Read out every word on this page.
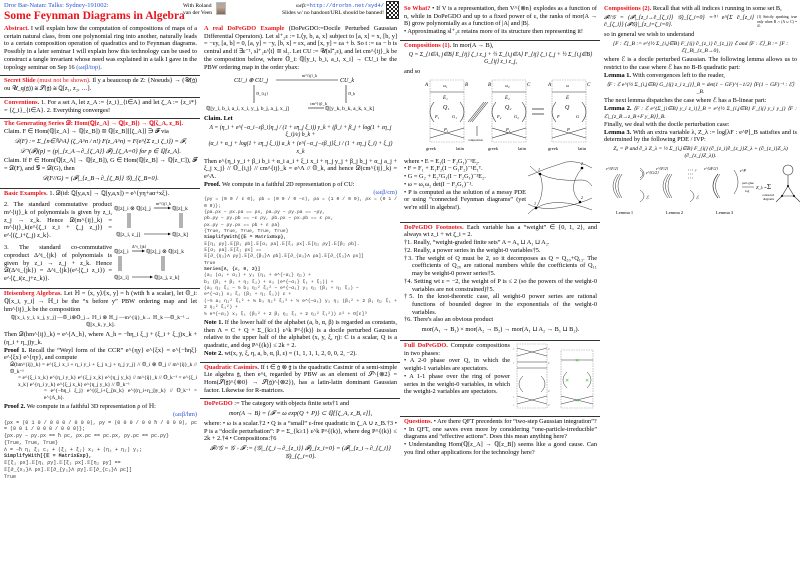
Dror Bar-Natan: Talks: Sydney-191002:
Some Feynman Diagrams in Algebra
With Roland
van der Veen
ωεβ:=http://drorbn.net/syd4/
Slides w/ no handout/URL should be banned!
Abstract. I will explain how the computation of compositions of maps of a certain natural class, from one polynomial ring into another, naturally leads to a certain composition operation of quadratics and to Feynman diagrams. Possibly in a later seminar I will explain how this technology can be used to construct a tangle invariant whose need was explained in a talk I gave in the topology seminar on Sep 16 (ωεβ/top).
Secret Slide (must not be shown). Il y a beaucoup de Z: {Noeuds} → (𝒰(𝔤) ou 𝒰_q(𝔤)) ≅ 𝒮(𝔤) ≅ ℚ[z₁, z₂, …].
Conventions. 1. For a set A, let z_A := {z_i}_{i∈A} and let ζ_A := {z_i*} = {ζ_i}_{i∈A}. 2. Everything converges!
The Generating Series 𝒟: Hom(ℚ[z_A] → ℚ[z_B]) → ℚ[ζ_A, z_B].
Claim. F ∈ Hom(ℚ[z_A] → ℚ[z_B]) ≅ ℚ[z_B][[ζ_A]] ∋ 𝓕 via
𝒟(F) := Σ_{n∈ℕ^A} (ζ_A^n / n!) F(z_A^n) = F(e^{Σ z_i ζ_i}) = 𝓕,
𝒟⁻¹(𝓕)(p) = (p|_{z_A→∂_{ζ_A}} 𝓕)_{ζ_A=0} for p ∈ ℚ[z_A].
Claim. If F ∈ Hom(ℚ[z_A] → ℚ[z_B]), G ∈ Hom(ℚ[z_B] → ℚ[z_C]), 𝓕 = 𝒟(F), and 𝒢 = 𝒟(G), then
𝒟(F//G) = (𝓕|_{z_B→∂_{ζ_B}} 𝒢)_{ζ_B=0}.
Basic Examples. 1. 𝒟(id: ℚ[y,a,x] → ℚ[y,a,x]) = e^{yη+aα+xξ}.
2. The standard commutative product m^{ij}_k of polynomials is given by z_i, z_j → z_k. Hence 𝒟(m^{ij}_k) = m^{ij}_k(e^{ζ_i z_i + ζ_j z_j}) = e^{(ζ_i+ζ_j) z_k}.
ℚ[z]_i ⊗ ℚ[z]_j
m^{ij}_k
ℚ[z]_k
ℚ[z_i, z_j]	ℚ[z_k]
3. The standard co-commutative coproduct Δ^i_{jk} of polynomials is given by z_i → z_j + z_k. Hence 𝒟(Δ^i_{jk}) = Δ^i_{jk}(e^{ζ_i z_i}) = e^{ζ_i(z_j+z_k)}.
ℚ[z]_i
Δ^i_{jk}
ℚ[z]_j ⊗ ℚ[z]_k
ℚ[z_i]	ℚ[z_j, z_k]
Heisenberg Algebras. Let ℍ = ⟨x, y⟩/[x, y] = ħ (with ħ a scalar), let 𝕆_i: ℚ[x_i, y_i] → ℍ_i be the “x before y” PBW ordering map and let hm^{ij}_k be the composition
ℚ[x_i, y_i, x_j, y_j] —𝕆_i⊗𝕆_j→ ℍ_i ⊗ ℍ_j —m^{ij}_k→ ℍ_k —𝕆_k⁻¹→ ℚ[x_k, y_k].
Then 𝒟(hm^{ij}_k) = e^{Λ_h}, where Λ_h = −ħη_i ξ_j + (ξ_i + ξ_j)x_k + (η_i + η_j)y_k.
Proof 1. Recall the “Weyl form of the CCR” e^{ηy} e^{ξx} = e^{−ħηξ} e^{ξx} e^{ηy}, and compute
𝒟(hm^{ij}_k) = e^{ξ_i x_i + η_i y_i + ξ_j x_j + η_j y_j} // 𝕆_i ⊗ 𝕆_j // m^{ij}_k // 𝕆_k⁻¹
= e^{ξ_i x_k} e^{η_i y_k} e^{ξ_j x_k} e^{η_j y_k} // m^{ij}_k // 𝕆_k⁻¹ = e^{ξ_i x_k} e^{η_i y_k} e^{ξ_j x_k} e^{η_j y_k} // 𝕆_k⁻¹
= e^{−ħη_i ξ_j} e^{(ξ_i+ξ_j)x_k} e^{(η_i+η_j)y_k} // 𝕆_k⁻¹ = e^{Λ_h}.
Proof 2. We compute in a faithful 3D representation ρ of ℍ:
(ωεβ/hm)
{ρx = (0 1 0 / 0 0 0 / 0 0 0), ρy = (0 0 0 / 0 0 ħ / 0 0 0), ρc = (0 0 1 / 0 0 0 / 0 0 0)};
{ρx.ρy − ρy.ρx == ħ ρc, ρx.ρc == ρc.ρx, ρy.ρc == ρc.ρy}
{True, True, True}
Λ = −ħ η₁ ξ₂ c₃ + (ξ₁ + ξ₂) x₃ + (η₁ + η₂) y₃;
SimplifyWith[{𝔼 = MatrixExp},
𝔼[ξ₁ ρx].𝔼[η₁ ρy].𝔼[ξ₂ ρx].𝔼[η₂ ρy] ==
𝔼[∂_{x₃}Λ ρx].𝔼[∂_{y₃}Λ ρy].𝔼[∂_{c₃}Λ ρc]]
True
A real DoPeGDO Example (DoPeGDO:=Docile Perturbed Gaussian Differential Operators). Let sl⁺₂ε := L⟨y, b, a, x⟩ subject to [a, x] = x, [b, y] = −εy, [a, b] = 0, [a, y] = −y, [b, x] = εx, and [x, y] = εa + b. So t := εa − b is central and if ∃ε⁻¹, sl⁺₂ε/⟨t⟩ ≅ sl₂. Let CU := 𝒰(sl⁺₂ε), and let cm^{ij}_k be the composition below, where 𝕆_i: ℚ[y_i, b_i, a_i, x_i] → CU_i be the PBW ordering map in the order ybax:
CU_i ⊗ CU_j
m^{ij}_k
CU_k
𝕆_{i,j}	𝕆_k
ℚ[y_i, b_i, a_i, x_i, y_j, b_j, a_j, x_j]
cm^{ij}_k
ℚ[y_k, b_k, a_k, x_k]
Claim. Let
Λ = (η_i + e^{−α_i−εβ_i}η_j / (1 + εη_j ξ_i)) y_k + (β_i + β_j + log(1 + εη_j ξ_i)/ε) b_k +
(α_i + α_j + log(1 + εη_j ξ_i)) a_k + (e^{−α_j−εβ_j}ξ_i / (1 + εη_j ξ_i) + ξ_j) x_k
Then e^{η_i y_i + β_i b_i + α_i a_i + ξ_i x_i + η_j y_j + β_j b_j + α_j a_j + ξ_j x_j} // 𝕆_{i,j} // cm^{ij}_k = e^Λ // 𝕆_k, and hence 𝒟(cm^{ij}_k) = e^Λ.
Proof. We compute in a faithful 2D representation ρ of CU:
(ωεβ/cm)
{ρy = (0 0 / ε 0), ρb = (0 0 / 0 −ε), ρa = (1 0 / 0 0), ρx = (0 1 / 0 0)};
{ρa.ρx − ρx.ρa == ρx, ρa.ρy − ρy.ρa == −ρy,
ρb.ρy − ρy.ρb == −ε ρy, ρb.ρx − ρx.ρb == ε ρx,
ρx.ρy − ρy.ρx == ρb + ε ρa}
{True, True, True, True, True}
SimplifyWith[{𝔼 = MatrixExp},
𝔼[η₁ ρy].𝔼[β₁ ρb].𝔼[α₁ ρa].𝔼[ξ₁ ρx].𝔼[η₂ ρy].𝔼[β₂ ρb].
𝔼[α₂ ρa].𝔼[ξ₂ ρx] ==
𝔼[∂_{η₃}Λ ρy].𝔼[∂_{β₃}Λ ρb].𝔼[∂_{α₃}Λ ρa].𝔼[∂_{ξ₃}Λ ρx]]
True
Series[Λ, {ε, 0, 2}]
(a₃ (α₁ + α₂) + y₃ (η₁ + e^{−α₁} η₂) +
b₃ (β₁ + β₂ + η₂ ξ₁) + x₃ (e^{−α₂} ξ₁ + ξ₂)) +
(a₃ η₂ ξ₁ − ½ b₃ η₂² ξ₁² − e^{−α₁} y₃ η₂ (β₁ + η₂ ξ₁) −
e^{−α₂} x₃ ξ₁ (β₂ + η₂ ξ₁)) ε +
(−½ a₃ η₂² ξ₁² + ⅓ b₃ η₂³ ξ₁³ + ½ e^{−α₁} y₃ η₂ (β₁² + 2 β₁ η₂ ξ₁ + 2 η₂² ξ₁²) +
½ e^{−α₂} x₃ ξ₁ (β₂² + 2 β₂ η₂ ξ₁ + 2 η₂² ξ₁²)) ε² + O[ε]³
Note 1. If the lower half of the alphabet (a, b, α, β) is regarded as constants, then Λ = C + Q + Σ_{k≥1} ε^k P^{(k)} is a docile perturbed Gaussian relative to the upper half of the alphabet (x, y, ξ, η): C is a scalar, Q is a quadratic, and deg P^{(k)} ≤ 2k + 2.
Note 2. wt(x, y, ξ, η, a, b, α, β, ε) = (1, 1, 1, 1, 2, 0, 0, 2, −2).
Quadratic Casimirs. If t ∈ 𝔤 ⊗ 𝔤 is the quadratic Casimir of a semi-simple Lie algebra 𝔤, then e^t, regarded by PBW as an element of 𝒮^{⊗2} = Hom(𝒮(𝔤)^{⊗0} → 𝒮(𝔤)^{⊗2}), has a latin-latin dominant Gaussian factor. Likewise for R-matrices.
DoPeGDO := The category with objects finite sets†1 and
mor(A → B) = {𝓕 = ω exp(Q + P)} ⊂ ℚ[[ζ_A, z_B, ε]],
where: • ω is a scalar.†2 • Q is a “small” ε-free quadratic in ζ_A ∪ z_B.†3 • P is a “docile perturbation”: P = Σ_{k≥1} ε^k P^{(k)}, where deg P^{(k)} ≤ 2k + 2.†4 • Compositions:†6
𝓕//𝒢 = 𝒢 ∘ 𝓕 := (𝒢|_{ζ_i→∂_{z_i}} 𝓕)_{z_i=0} = (𝓕|_{z_i→∂_{ζ_i}} 𝒢)_{ζ_i=0}.
So What? • If V is a representation, then V^{⊗n} explodes as a function of n, while in DoPeGDO and up to a fixed power of ε, the ranks of mor(A → B) grow polynomially as a function of |A| and |B|.
• Approximating sl⁺₂ε retains more of its structure then representing it!
Compositions (1). In mor(A → B),
Q = Σ_{i∈A, j∈B} E_{ij} ζ_i z_j + ½ Σ_{i,j∈A} F_{ij} ζ_i ζ_j + ½ Σ_{i,j∈B} G_{ij} z_i z_j,
and so
A	B
ω₁
E₁
Q₁
F₁	G₁
P₁
greek	latin
composition
B	C
ω₂
E₂
Q₂
F₂	G₂
P₂
greek	latin
A	C
ω
E
Q
F	G
P
greek	latin
where • E = E₁(I − F₂G₁)⁻¹E₂.
• F = F₁ + E₁F₂(I − G₁F₂)⁻¹E₁ᵀ.
• G = G₂ + E₂ᵀG₁(I − F₂G₁)⁻¹E₂.
• ω = ω₁ω₂ det(I − F₂G₁)⁻¹.
• P is computed as the solution of a messy PDE or using “connected Feynman diagrams” (yet we're still in algebra!).
1
2
1
2
DoPeGDO Footnotes. Each variable has a “weight” ∈ {0, 1, 2}, and always wt z_i + wt ζ_i = 2.
†1. Really, “weight-graded finite sets” A = A₀ ⊔ A₁ ⊔ A₂.
†2. Really, a power series in the weight-0 variables†5.
†3. The weight of Q must be 2, so it decomposes as Q = Q₂₀+Q₁₁. The coefficients of Q₂₀ are rational numbers while the coefficients of Q₁₁ may be weight-0 power series†5.
†4. Setting wt ε = −2, the weight of P is ≤ 2 (so the powers of the weight-0 variables are not constrained)†5.
†5. In the knot-theoretic case, all weight-0 power series are rational functions of bounded degree in the exponentials of the weight-0 variables.
†6. There's also an obvious product
mor(A₁ → B₁) × mor(A₂ → B₂) → mor(A₁ ⊔ A₂ → B₁ ⊔ B₂).
Full DoPeGDO. Compute compositions in two phases:
• A 2-0 phase over Q, in which the weight-1 variables are spectators.
• A 1-1 phase over the ring of power series in the weight-0 variables, in which the weight-2 variables are spectators.
1
1
1
1
2
2
2
2
✕
✕	✕
✕
Questions. • Are there QFT precedents for “two-step Gaussian integration”?
• In QFT, one saves even more by considering “one-particle-irreducible” diagrams and “effective actions”. Does this mean anything here?
• Understanding Hom(ℚ[z_A] → ℚ[z_B]) seems like a good cause. Can you find other applications for the technology here?
Compositions (2). Recall that with all indices i running in some set B,
𝓕//𝒢 = (𝓕|_{z_i→∂_{ζ_i}} 𝒢)_{ζ_i=0} =⁽¹⁾ e^{Σ ∂_{z_i}∂_{ζ_i}} (𝓕𝒢)|_{z_i=ζ_i=0}.
(1) Strictly speaking, true only when B ∩ (A ∪ C) = ∅.
so in general we wish to understand
[F : ℰ]_B := e^{½ Σ_{i,j∈B} F_{ij} ∂_{z_i} ∂_{z_j}} ℰ and ⟨F : ℰ⟩_B := [F : ℰ]_B|_{z_B→0},
where ℰ is a docile perturbed Gaussian. The following lemma allows us to restrict to the case where ℰ has no B-B quadratic part:
Lemma 1. With convergences left to the reader,
⟨F : ℰ e^{½ Σ_{i,j∈B} G_{ij} z_i z_j}⟩_B = det(1 − GF)^{−1/2} ⟨F(1 − GF)⁻¹ : ℰ⟩_B.
The next lemma dispatches the case where ℰ has a B-linear part:
Lemma 2. ⟨F : ℰ e^{Σ_{i∈B} y_i z_i}⟩_B = e^{½ Σ_{i,j∈B} F_{ij} y_i y_j} ⟨F : ℰ|_{z_B→z_B+F y_B}⟩_B.
Finally, we deal with the docile perturbation case:
Lemma 3. With an extra variable λ, Z_λ := log[λF : e^P]_B satisfies and is determined by the following PDE / IVP:
Z₀ = P and ∂_λ Z_λ = ½ Σ_{i,j∈B} F_{ij} (∂_{z_i}∂_{z_j}Z_λ + (∂_{z_i}Z_λ)(∂_{z_j}Z_λ)).
e^{F/2}
e^{G/2}
ℰ
Lemma 1
e^{F/2}	y
ℰ
Lemma 2
e^{λF/2}	e^P
Lemma 3
part-glue
log
Z_λ = Σ
connected
diagrams
